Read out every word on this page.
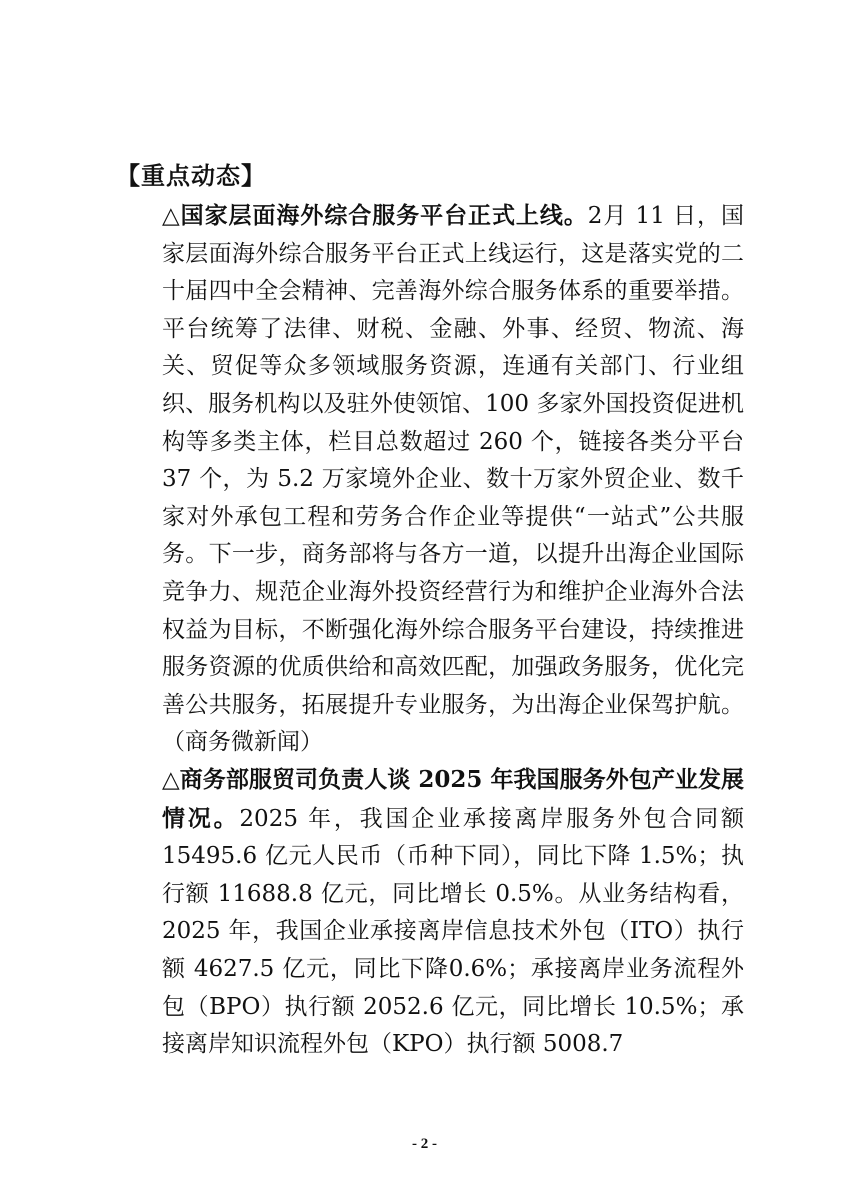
【重点动态】
△国家层面海外综合服务平台正式上线。2月 11 日，国家层面海外综合服务平台正式上线运行，这是落实党的二十届四中全会精神、完善海外综合服务体系的重要举措。平台统筹了法律、财税、金融、外事、经贸、物流、海关、贸促等众多领域服务资源，连通有关部门、行业组织、服务机构以及驻外使领馆、100 多家外国投资促进机构等多类主体，栏目总数超过 260 个，链接各类分平台 37 个，为 5.2 万家境外企业、数十万家外贸企业、数千家对外承包工程和劳务合作企业等提供“一站式”公共服务。下一步，商务部将与各方一道，以提升出海企业国际竞争力、规范企业海外投资经营行为和维护企业海外合法权益为目标，不断强化海外综合服务平台建设，持续推进服务资源的优质供给和高效匹配，加强政务服务，优化完善公共服务，拓展提升专业服务，为出海企业保驾护航。（商务微新闻）
△商务部服贸司负责人谈 2025 年我国服务外包产业发展情况。2025 年，我国企业承接离岸服务外包合同额 15495.6 亿元人民币（币种下同），同比下降 1.5%；执行额 11688.8 亿元，同比增长 0.5%。从业务结构看，2025 年，我国企业承接离岸信息技术外包（ITO）执行额 4627.5 亿元，同比下降0.6%；承接离岸业务流程外包（BPO）执行额 2052.6 亿元，同比增长 10.5%；承接离岸知识流程外包（KPO）执行额 5008.7
- 2 -
